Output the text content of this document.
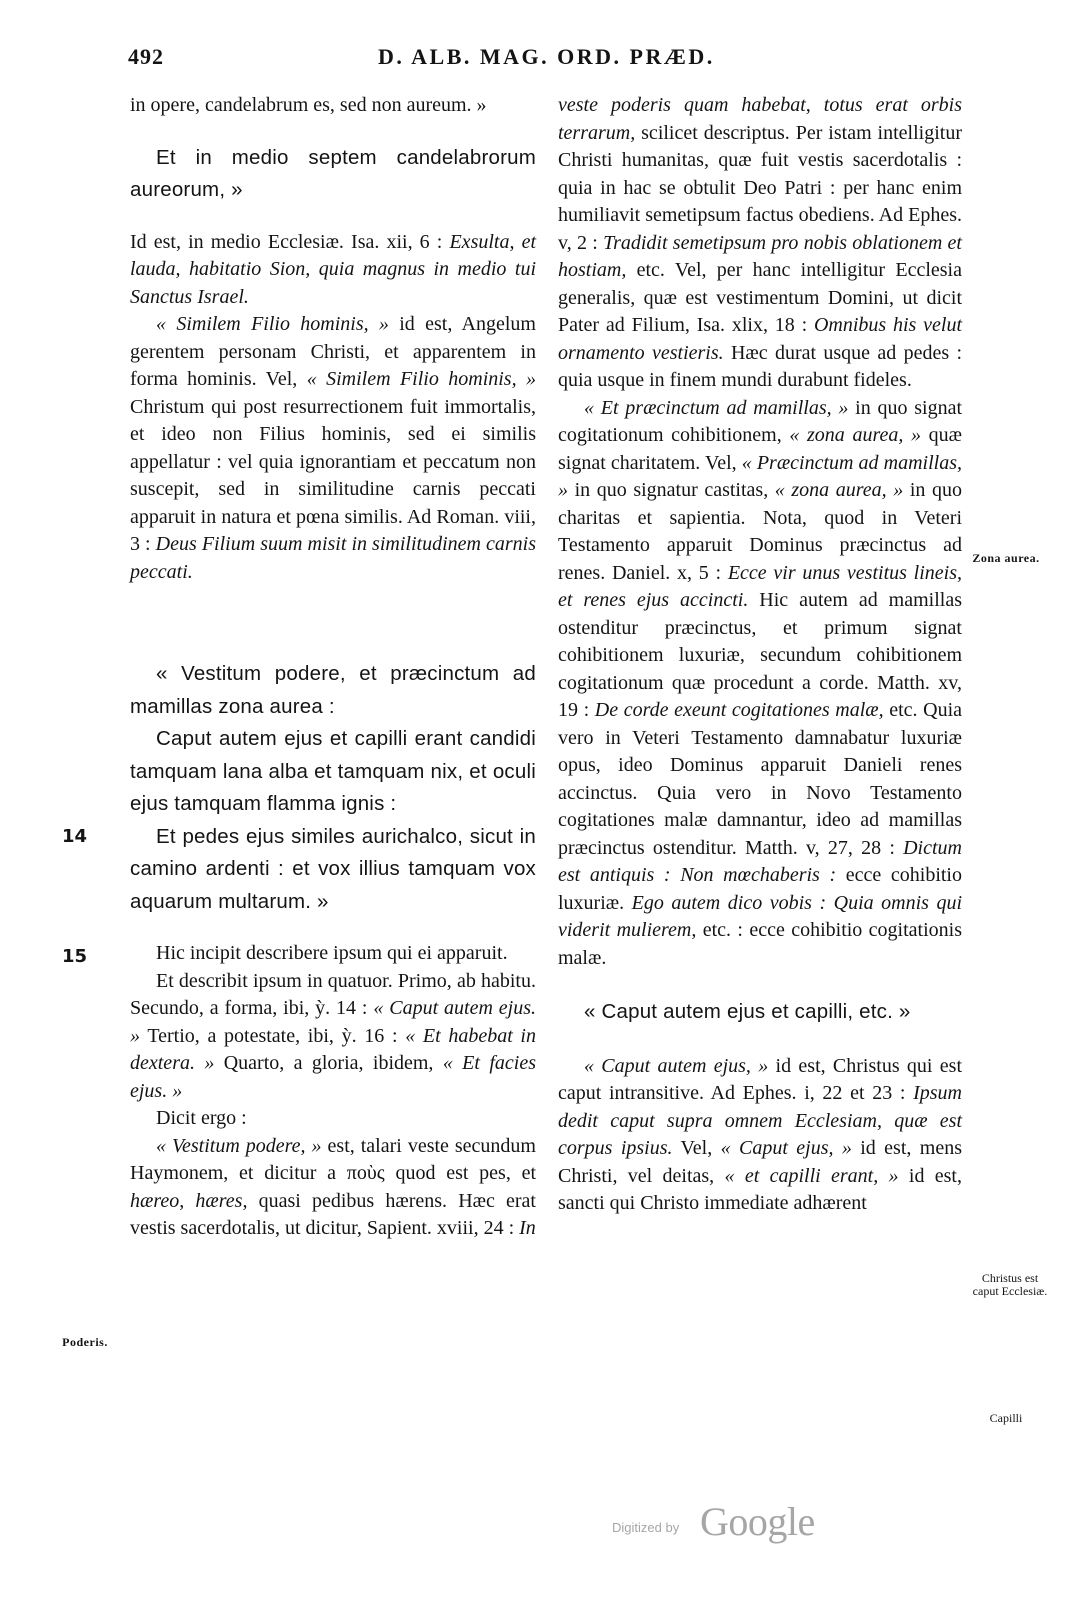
492	D. ALB. MAG. ORD. PRÆD.

in opere, candelabrum es, sed non aureum. »

Et in medio septem candelabrorum aureorum, »

Id est, in medio Ecclesiæ. Isa. xii, 6 : Exsulta, et lauda, habitatio Sion, quia magnus in medio tui Sanctus Israel.

« Similem Filio hominis, » id est, Angelum gerentem personam Christi, et apparentem in forma hominis. Vel, « Similem Filio hominis, » Christum qui post resurrectionem fuit immortalis, et ideo non Filius hominis, sed ei similis appellatur : vel quia ignorantiam et peccatum non suscepit, sed in similitudine carnis peccati apparuit in natura et pœna similis. Ad Roman. viii, 3 : Deus Filium suum misit in similitudinem carnis peccati.

« Vestitum podere, et præcinctum ad mamillas zona aurea :

Caput autem ejus et capilli erant candidi tamquam lana alba et tamquam nix, et oculi ejus tamquam flamma ignis :

Et pedes ejus similes aurichalco, sicut in camino ardenti : et vox illius tamquam vox aquarum multarum. »

Hic incipit describere ipsum qui ei apparuit.

Et describit ipsum in quatuor. Primo, ab habitu. Secundo, a forma, ibi, ỳ. 14 : « Caput autem ejus. » Tertio, a potestate, ibi, ỳ. 16 : « Et habebat in dextera. » Quarto, a gloria, ibidem, « Et facies ejus. »

Dicit ergo :

« Vestitum podere, » est, talari veste secundum Haymonem, et dicitur a ποὺς quod est pes, et hæreo, hæres, quasi pedibus hærens. Hæc erat vestis sacerdotalis, ut dicitur, Sapient. xviii, 24 : In

veste poderis quam habebat, totus erat orbis terrarum, scilicet descriptus. Per istam intelligitur Christi humanitas, quæ fuit vestis sacerdotalis : quia in hac se obtulit Deo Patri : per hanc enim humiliavit semetipsum factus obediens. Ad Ephes. v, 2 : Tradidit semetipsum pro nobis oblationem et hostiam, etc. Vel, per hanc intelligitur Ecclesia generalis, quæ est vestimentum Domini, ut dicit Pater ad Filium, Isa. xlix, 18 : Omnibus his velut ornamento vestieris. Hæc durat usque ad pedes : quia usque in finem mundi durabunt fideles.

« Et præcinctum ad mamillas, » in quo signat cogitationum cohibitionem, « zona aurea, » quæ signat charitatem. Vel, « Præcinctum ad mamillas, » in quo signatur castitas, « zona aurea, » in quo charitas et sapientia. Nota, quod in Veteri Testamento apparuit Dominus præcinctus ad renes. Daniel. x, 5 : Ecce vir unus vestitus lineis, et renes ejus accincti. Hic autem ad mamillas ostenditur præcinctus, et primum signat cohibitionem luxuriæ, secundum cohibitionem cogitationum quæ procedunt a corde. Matth. xv, 19 : De corde exeunt cogitationes malæ, etc. Quia vero in Veteri Testamento damnabatur luxuriæ opus, ideo Dominus apparuit Danieli renes accinctus. Quia vero in Novo Testamento cogitationes malæ damnantur, ideo ad mamillas præcinctus ostenditur. Matth. v, 27, 28 : Dictum est antiquis : Non mœchaberis : ecce cohibitio luxuriæ. Ego autem dico vobis : Quia omnis qui viderit mulierem, etc. : ecce cohibitio cogitationis malæ.

« Caput autem ejus et capilli, etc. »

« Caput autem ejus, » id est, Christus qui est caput intransitive. Ad Ephes. i, 22 et 23 : Ipsum dedit caput supra omnem Ecclesiam, quæ est corpus ipsius. Vel, « Caput ejus, » id est, mens Christi, vel deitas, « et capilli erant, » id est, sancti qui Christo immediate adhærent

14
15
Zona aurea.
Poderis.
Christus est caput Ecclesiæ.
Capilli
Digitized by Google
